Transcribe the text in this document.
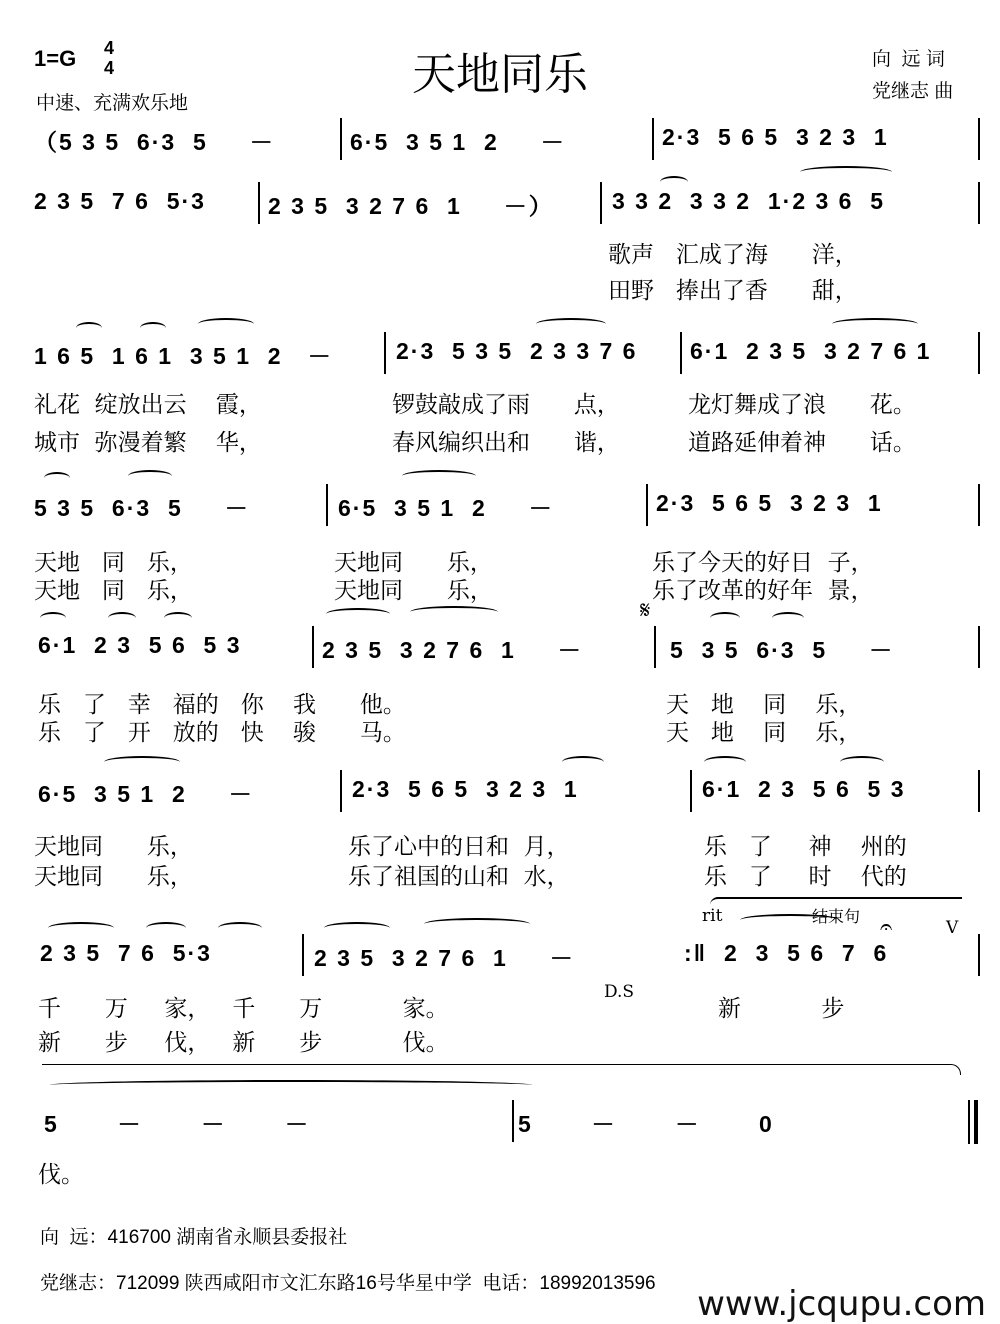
天地同乐
1=G 4
4
中速、充满欢乐地
向  远 词
党继志 曲
（5 3 5  6·3  5     －	6·5  3 5 1  2     －	2·3  5 6 5  3 2 3  1
2 3 5  7 6  5·3	2 3 5  3 2 7 6  1     －）	3 3 2  3 3 2  1·2 3 6  5
歌声   汇成了海      洋，
田野   捧出了香      甜，
1 6 5  1 6 1  3 5 1  2   －	2·3  5 3 5  2 3 3 7 6 6·1  2 3 5  3 2 7 6 1
礼花  绽放出云    霞，	锣鼓敲成了雨      点，	龙灯舞成了浪      花。
城市  弥漫着繁    华，	春风编织出和      谐，	道路延伸着神      话。
5 3 5  6·3  5     －	6·5  3 5 1  2     －	2·3  5 6 5  3 2 3  1
天地   同   乐，	天地同      乐，	乐了今天的好日  子，
天地   同   乐，	天地同      乐，	乐了改革的好年  景，
6·1  2 3  5 6  5 3	2 3 5  3 2 7 6  1     －
𝄋
5  3 5  6·3  5     －
乐   了   幸   福的   你    我      他。	天   地    同    乐，
乐   了   开   放的   快    骏      马。	天   地    同    乐，
6·5  3 5 1  2     －	2·3  5 6 5  3 2 3  1	6·1  2 3  5 6  5 3
天地同      乐，	乐了心中的日和  月，	乐   了     神    州的
天地同      乐，	乐了祖国的山和  水，	乐   了     时    代的
2 3 5  7 6  5·3	2 3 5  3 2 7 6  1     －	:‖ 2  3  5 6  7  6
rit	结束句 𝄐	V
D.S
千      万     家，   千      万           家。	新           步
新      步     伐，   新      步           伐。
5       －       －       －	5       －       －       0
伐。
向  远：416700 湖南省永顺县委报社
党继志：712099 陕西咸阳市文汇东路16号华星中学  电话：18992013596
www.jcqupu.com
